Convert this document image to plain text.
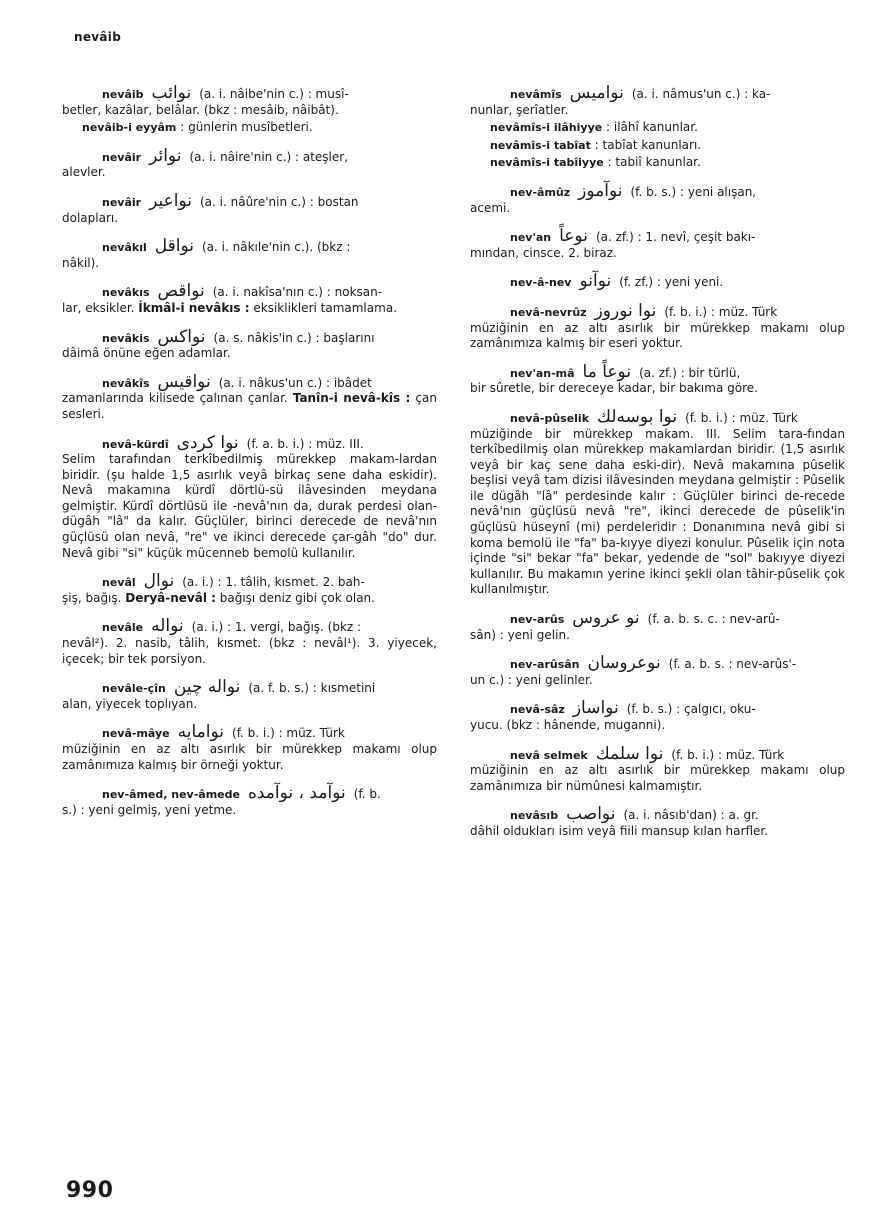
nevâib
nevâib نوائب (a. i. nâibe'nin c.) : musî-
betler, kazâlar, belâlar. (bkz : mesâib, nâibât).
nevâib-i eyyâm : günlerin musîbetleri.
nevâir نوائر (a. i. nâire'nin c.) : ateşler,
alevler.
nevâir نواعير (a. i. nâûre'nin c.) : bostan
dolapları.
nevâkıl نواقل (a. i. nâkıle'nin c.). (bkz :
nâkil).
nevâkıs نواقص (a. i. nakîsa'nın c.) : noksan-
lar, eksikler. İkmâl-i nevâkıs : eksiklikleri tamamlama.
nevâkis نواكس (a. s. nâkis'in c.) : başlarını
dâimâ önüne eğen adamlar.
nevâkîs نواقيس (a. i. nâkus'un c.) : ibâdet
zamanlarında kilisede çalınan çanlar. Tanîn-i nevâ-kîs : çan sesleri.
nevâ-kürdî نوا كردى (f. a. b. i.) : müz. III.
Selim tarafından terkîbedilmiş mürekkep makam-lardan biridir. (şu halde 1,5 asırlık veyâ birkaç sene daha eskidir). Nevâ makamına kürdî dörtlü-sü ilâvesinden meydana gelmiştir. Kürdî dörtlüsü ile -nevâ'nın da, durak perdesi olan- dügâh "lâ" da kalır. Güçlüler, birinci derecede de nevâ'nın güçlüsü olan nevâ, "re" ve ikinci derecede çar-gâh "do" dur. Nevâ gibi "si" küçük mücenneb bemolü kullanılır.
nevâl نوال (a. i.) : 1. tâlih, kısmet. 2. bah-
şiş, bağış. Deryâ-nevâl : bağışı deniz gibi çok olan.
nevâle نواله (a. i.) : 1. vergi, bağış. (bkz :
nevâl²). 2. nasib, tâlih, kısmet. (bkz : nevâl¹). 3. yiyecek, içecek; bir tek porsiyon.
nevâle-çîn نواله چين (a. f. b. s.) : kısmetini
alan, yiyecek toplıyan.
nevâ-mâye نوامايه (f. b. i.) : müz. Türk
müziğinin en az altı asırlık bir mürekkep makamı olup zamânımıza kalmış bir örneği yoktur.
nev-âmed, nev-âmede نوآمد ، نوآمده (f. b.
s.) : yeni gelmiş, yeni yetme.
nevâmîs نواميس (a. i. nâmus'un c.) : ka-
nunlar, şerîatler.
nevâmîs-i ilâhiyye : ilâhî kanunlar.
nevâmîs-i tabîat : tabîat kanunları.
nevâmîs-i tabîiyye : tabiî kanunlar.
nev-âmûz نوآموز (f. b. s.) : yeni alışan,
acemi.
nev'an نوعاً (a. zf.) : 1. nevî, çeşit bakı-
mından, cinsce. 2. biraz.
nev-â-nev نوآنو (f. zf.) : yeni yeni.
nevâ-nevrûz نوا نوروز (f. b. i.) : müz. Türk
müziğinin en az altı asırlık bir mürekkep makamı olup zamânımıza kalmış bir eseri yoktur.
nev'an-mâ نوعاً ما (a. zf.) : bir türlü,
bir sûretle, bir dereceye kadar, bir bakıma göre.
nevâ-pûselik نوا بوسه‌لك (f. b. i.) : müz. Türk
müziğinde bir mürekkep makam. III. Selim tara-fından terkîbedilmiş olan mürekkep makamlardan biridir. (1,5 asırlık veyâ bir kaç sene daha eski-dir). Nevâ makamına pûselik beşlisi veyâ tam dizisi ilâvesinden meydana gelmiştir : Pûselik ile dügâh "lâ" perdesinde kalır : Güçlüler birinci de-recede nevâ'nın güçlüsü nevâ "re", ikinci derecede de pûselik'in güçlüsü hüseynî (mi) perdeleridir : Donanımına nevâ gibi si koma bemolü ile "fa" ba-kıyye diyezi konulur. Pûselik için nota içinde "si" bekar "fa" bekar, yedende de "sol" bakıyye diyezi kullanılır. Bu makamın yerine ikinci şekli olan tâhir-pûselik çok kullanılmıştır.
nev-arûs نو عروس (f. a. b. s. c. : nev-arû-
sân) : yeni gelin.
nev-arûsân نوعروسان (f. a. b. s. : nev-arûs'-
un c.) : yeni gelinler.
nevâ-sâz نواساز (f. b. s.) : çalgıcı, oku-
yucu. (bkz : hânende, muganni).
nevâ selmek نوا سلمك (f. b. i.) : müz. Türk
müziğinin en az altı asırlık bir mürekkep makamı olup zamânımıza bir nümûnesi kalmamıştır.
nevâsıb نواصب (a. i. nâsıb'dan) : a. gr.
dâhil oldukları isim veyâ fiili mansup kılan harfler.
990
